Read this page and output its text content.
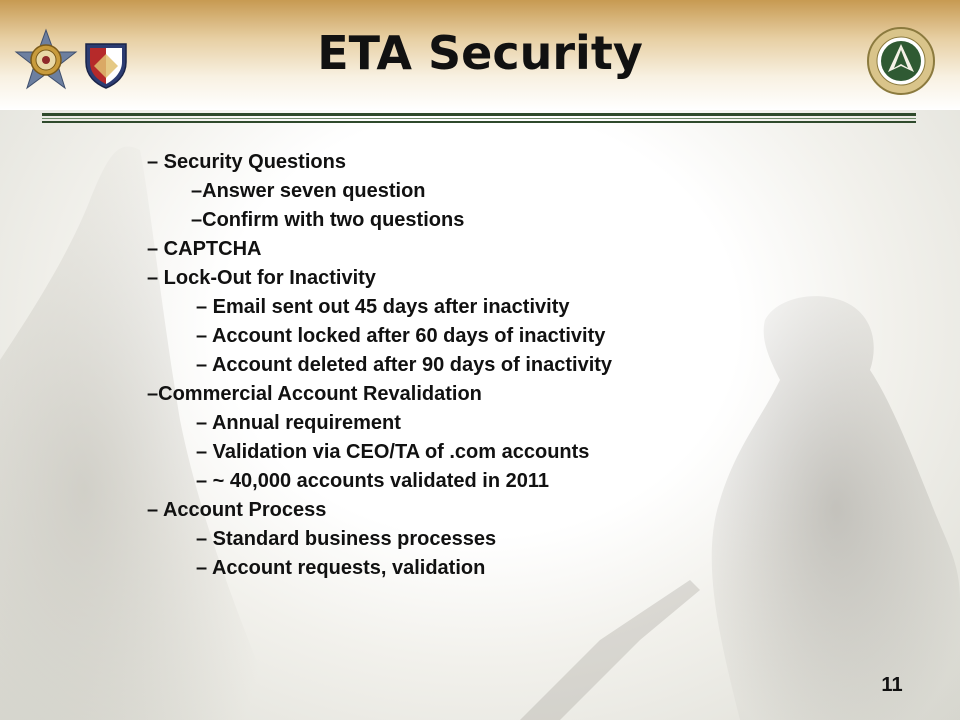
ETA Security
– Security Questions
–Answer seven question
–Confirm with two questions
– CAPTCHA
– Lock-Out for Inactivity
– Email sent out 45 days after inactivity
– Account locked after 60 days of inactivity
– Account deleted after 90 days of inactivity
–Commercial Account Revalidation
– Annual requirement
– Validation via CEO/TA of .com accounts
– ~ 40,000 accounts validated in 2011
– Account Process
– Standard business processes
– Account requests, validation
11
